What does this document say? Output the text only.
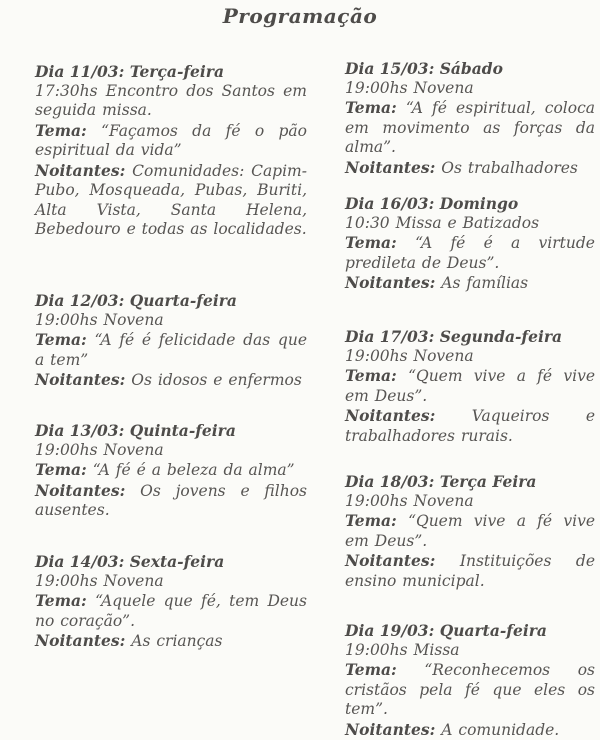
Programação
Dia 11/03: Terça-feira

17:30hs Encontro dos Santos em seguida missa.

Tema: “Façamos da fé o pão espiritual da vida”

Noitantes: Comunidades: Capim-Pubo, Mosqueada, Pubas, Buriti, Alta Vista, Santa Helena, Bebedouro e todas as localidades.

Dia 12/03: Quarta-feira

19:00hs Novena

Tema: “A fé é felicidade das que a tem”

Noitantes: Os idosos e enfermos

Dia 13/03: Quinta-feira

19:00hs Novena

Tema: “A fé é a beleza da alma”

Noitantes: Os jovens e filhos ausentes.

Dia 14/03: Sexta-feira

19:00hs Novena

Tema: “Aquele que fé, tem Deus no coração”.

Noitantes: As crianças

Dia 15/03: Sábado

19:00hs Novena

Tema: “A fé espiritual, coloca em movimento as forças da alma”.

Noitantes: Os trabalhadores

Dia 16/03: Domingo

10:30 Missa e Batizados

Tema: “A fé é a virtude predileta de Deus”.

Noitantes: As famílias

Dia 17/03: Segunda-feira

19:00hs Novena

Tema: “Quem vive a fé vive em Deus”.

Noitantes: Vaqueiros e trabalhadores rurais.

Dia 18/03: Terça Feira

19:00hs Novena

Tema: “Quem vive a fé vive em Deus”.

Noitantes: Instituições de ensino municipal.

Dia 19/03: Quarta-feira

19:00hs Missa

Tema: “Reconhecemos os cristãos pela fé que eles os tem”.

Noitantes: A comunidade.
